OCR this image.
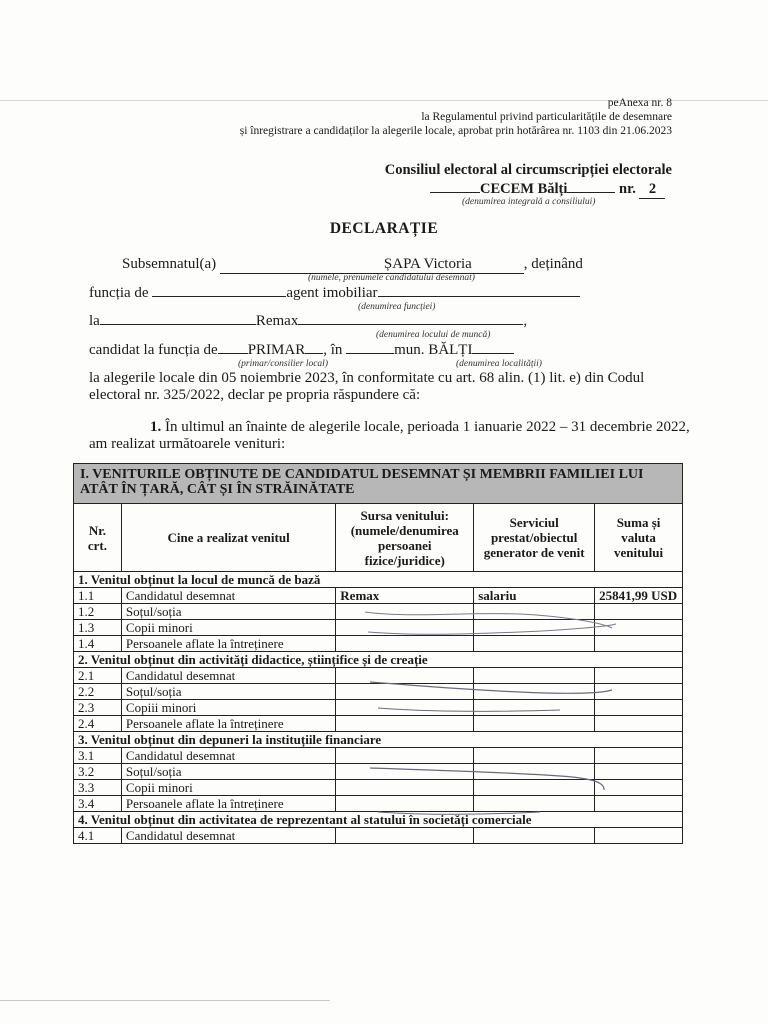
peAnexa nr. 8
la Regulamentul privind particularitățile de desemnare
și înregistrare a candidaților la alegerile locale, aprobat prin hotărârea nr. 1103 din 21.06.2023
Consiliul electoral al circumscripției electorale
CECEM Bălți	nr. 2
(denumirea integrală a consiliului)
DECLARAȚIE
Subsemnatul(a)	ȘAPA Victoria	, deținând
(numele, prenumele candidatului desemnat)
funcția de	agent imobiliar
(denumirea funcției)
la	Remax	,
(denumirea locului de muncă)
candidat la funcția de PRIMAR , în	mun. BĂLȚI
(primar/consilier local)	(denumirea localității)
la alegerile locale din 05 noiembrie 2023, în conformitate cu art. 68 alin. (1) lit. e) din Codul
electoral nr. 325/2022, declar pe propria răspundere că:
1. În ultimul an înainte de alegerile locale, perioada 1 ianuarie 2022 – 31 decembrie 2022,
am realizat următoarele venituri:
I. VENITURILE OBȚINUTE DE CANDIDATUL DESEMNAT ȘI MEMBRII FAMILIEI LUI
ATÂT ÎN ȚARĂ, CÂT ȘI ÎN STRĂINĂTATE				

Nr. crt.	Cine a realizat venitul	Sursa venitului: (numele/denumirea persoanei fizice/juridice)	Serviciul prestat/obiectul generator de venit	Suma și valuta venitului
1. Venitul obținut la locul de muncă de bază				
1.1	Candidatul desemnat	Remax	salariu	25841,99 USD
1.2	Soțul/soția			
1.3	Copii minori			
1.4	Persoanele aflate la întreținere			
2. Venitul obținut din activități didactice, științifice și de creație				
2.1	Candidatul desemnat			
2.2	Soțul/soția			
2.3	Copiii minori			
2.4	Persoanele aflate la întreținere			
3. Venitul obținut din depuneri la instituțiile financiare				
3.1	Candidatul desemnat			
3.2	Soțul/soția			
3.3	Copii minori			
3.4	Persoanele aflate la întreținere			
4. Venitul obținut din activitatea de reprezentant al statului în societăți comerciale				
4.1	Candidatul desemnat			
